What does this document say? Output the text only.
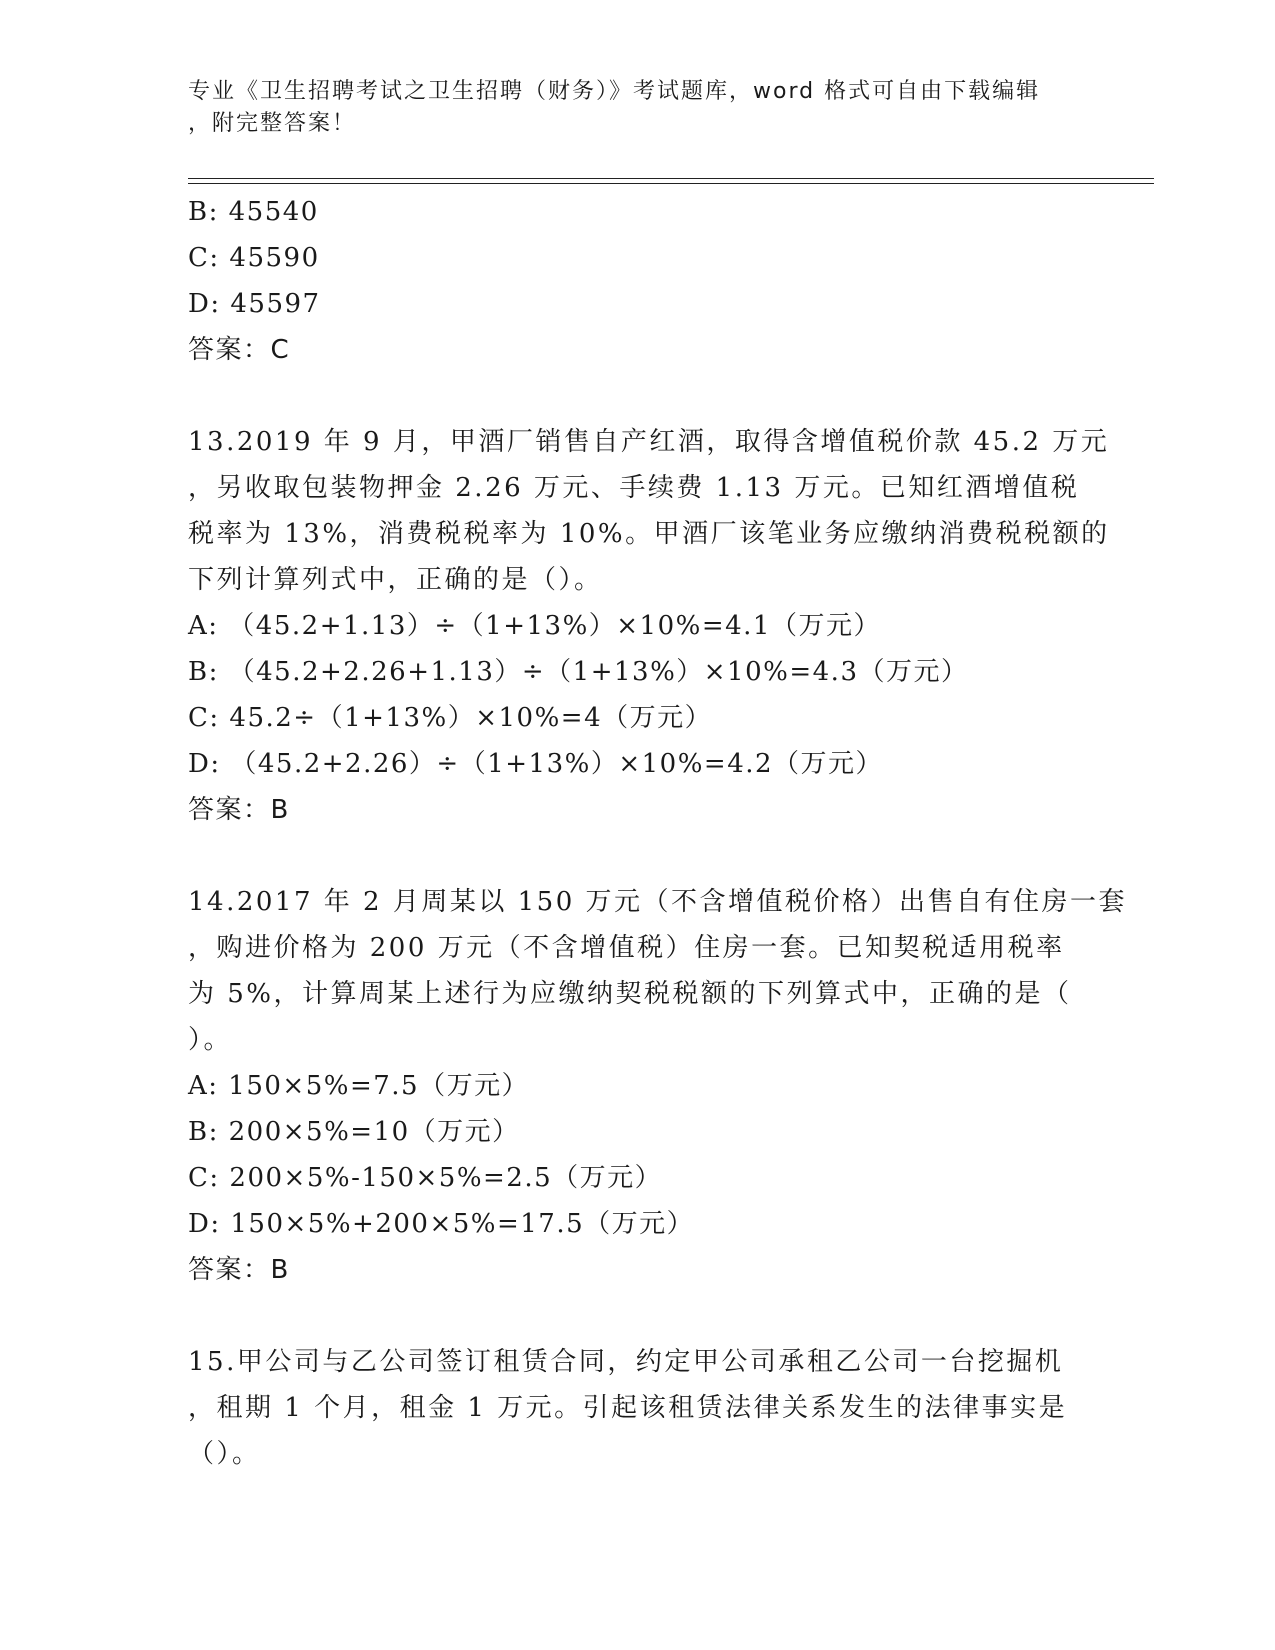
专业《卫生招聘考试之卫生招聘（财务）》考试题库，word 格式可自由下载编辑
，附完整答案！
B: 45540
C: 45590
D: 45597
答案：C
13.2019 年 9 月，甲酒厂销售自产红酒，取得含增值税价款 45.2 万元
，另收取包装物押金 2.26 万元、手续费 1.13 万元。已知红酒增值税
税率为 13%，消费税税率为 10%。甲酒厂该笔业务应缴纳消费税税额的
下列计算列式中，正确的是（）。
A: （45.2+1.13）÷（1+13%）×10%=4.1（万元）
B: （45.2+2.26+1.13）÷（1+13%）×10%=4.3（万元）
C: 45.2÷（1+13%）×10%=4（万元）
D: （45.2+2.26）÷（1+13%）×10%=4.2（万元）
答案：B
14.2017 年 2 月周某以 150 万元（不含增值税价格）出售自有住房一套
，购进价格为 200 万元（不含增值税）住房一套。已知契税适用税率
为 5%，计算周某上述行为应缴纳契税税额的下列算式中，正确的是（
）。
A: 150×5%=7.5（万元）
B: 200×5%=10（万元）
C: 200×5%-150×5%=2.5（万元）
D: 150×5%+200×5%=17.5（万元）
答案：B
15.甲公司与乙公司签订租赁合同，约定甲公司承租乙公司一台挖掘机
，租期 1 个月，租金 1 万元。引起该租赁法律关系发生的法律事实是
（）。
